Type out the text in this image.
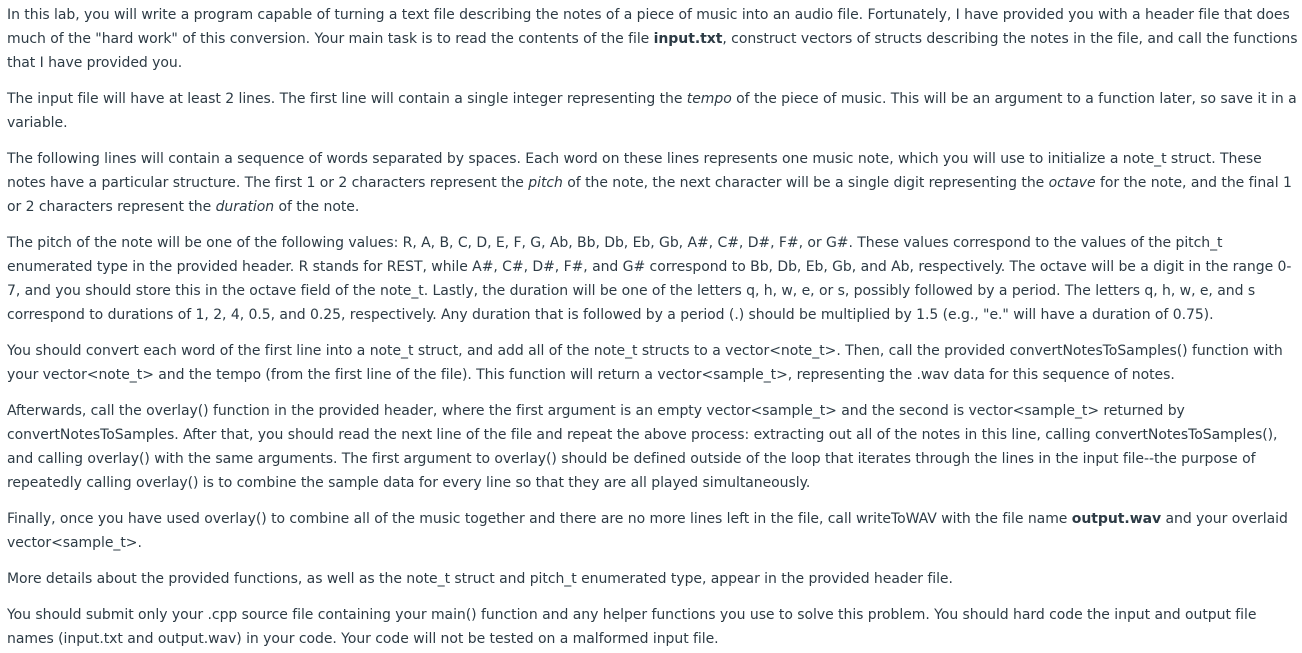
In this lab, you will write a program capable of turning a text file describing the notes of a piece of music into an audio file. Fortunately, I have provided you with a header file that does much of the "hard work" of this conversion. Your main task is to read the contents of the file input.txt, construct vectors of structs describing the notes in the file, and call the functions that I have provided you.

The input file will have at least 2 lines. The first line will contain a single integer representing the tempo of the piece of music. This will be an argument to a function later, so save it in a variable.

The following lines will contain a sequence of words separated by spaces. Each word on these lines represents one music note, which you will use to initialize a note_t struct. These notes have a particular structure. The first 1 or 2 characters represent the pitch of the note, the next character will be a single digit representing the octave for the note, and the final 1 or 2 characters represent the duration of the note.

The pitch of the note will be one of the following values: R, A, B, C, D, E, F, G, Ab, Bb, Db, Eb, Gb, A#, C#, D#, F#, or G#. These values correspond to the values of the pitch_t enumerated type in the provided header. R stands for REST, while A#, C#, D#, F#, and G# correspond to Bb, Db, Eb, Gb, and Ab, respectively. The octave will be a digit in the range 0-7, and you should store this in the octave field of the note_t. Lastly, the duration will be one of the letters q, h, w, e, or s, possibly followed by a period. The letters q, h, w, e, and s correspond to durations of 1, 2, 4, 0.5, and 0.25, respectively. Any duration that is followed by a period (.) should be multiplied by 1.5 (e.g., "e." will have a duration of 0.75).

You should convert each word of the first line into a note_t struct, and add all of the note_t structs to a vector<note_t>. Then, call the provided convertNotesToSamples() function with your vector<note_t> and the tempo (from the first line of the file). This function will return a vector<sample_t>, representing the .wav data for this sequence of notes.

Afterwards, call the overlay() function in the provided header, where the first argument is an empty vector<sample_t> and the second is vector<sample_t> returned by convertNotesToSamples. After that, you should read the next line of the file and repeat the above process: extracting out all of the notes in this line, calling convertNotesToSamples(), and calling overlay() with the same arguments. The first argument to overlay() should be defined outside of the loop that iterates through the lines in the input file--the purpose of repeatedly calling overlay() is to combine the sample data for every line so that they are all played simultaneously.

Finally, once you have used overlay() to combine all of the music together and there are no more lines left in the file, call writeToWAV with the file name output.wav and your overlaid vector<sample_t>.

More details about the provided functions, as well as the note_t struct and pitch_t enumerated type, appear in the provided header file.

You should submit only your .cpp source file containing your main() function and any helper functions you use to solve this problem. You should hard code the input and output file names (input.txt and output.wav) in your code. Your code will not be tested on a malformed input file.
